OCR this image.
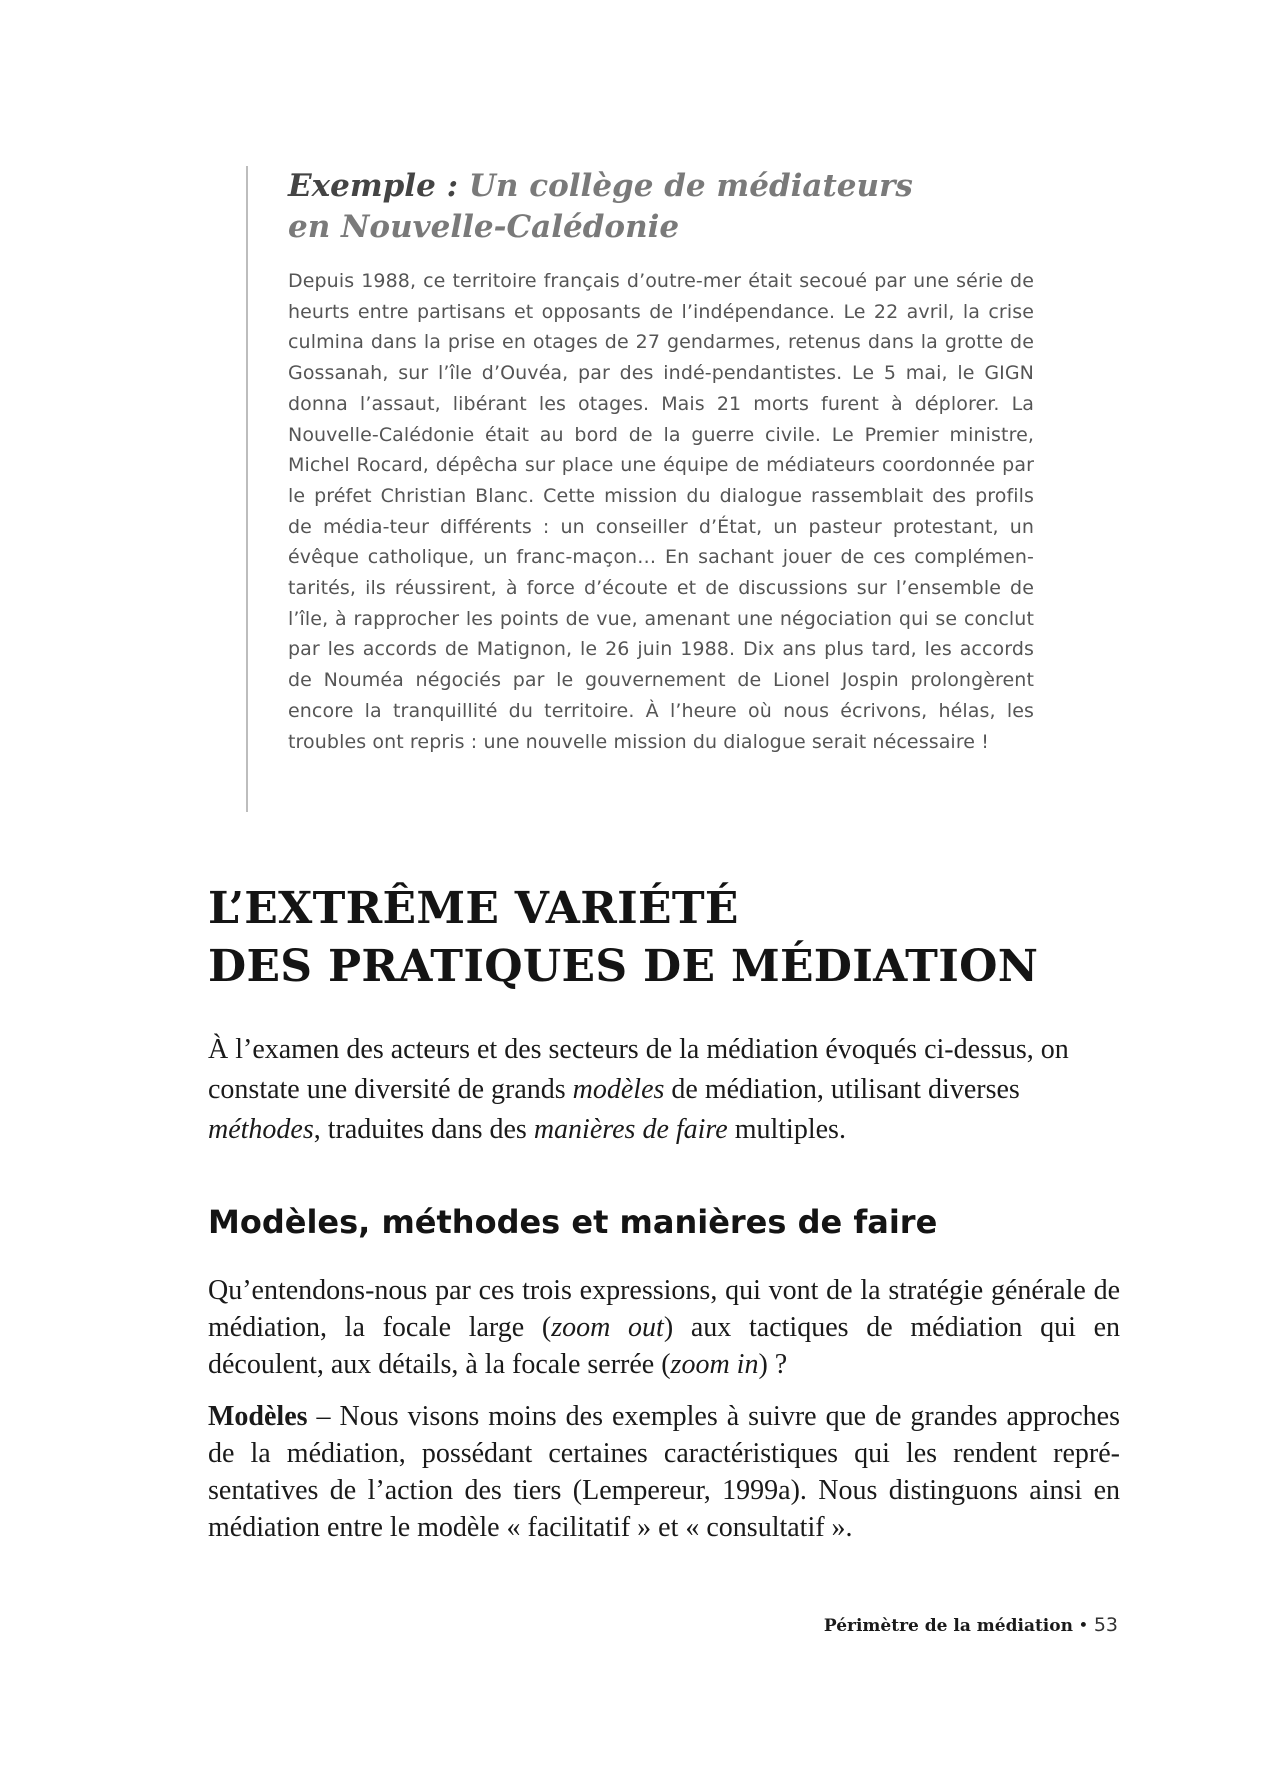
Exemple : Un collège de médiateurs
en Nouvelle-Calédonie

Depuis 1988, ce territoire français d’outre-mer était secoué par une série de heurts entre partisans et opposants de l’indépendance. Le 22 avril, la crise culmina dans la prise en otages de 27 gendarmes, retenus dans la grotte de Gossanah, sur l’île d’Ouvéa, par des indé-pendantistes. Le 5 mai, le GIGN donna l’assaut, libérant les otages. Mais 21 morts furent à déplorer. La Nouvelle-Calédonie était au bord de la guerre civile. Le Premier ministre, Michel Rocard, dépêcha sur place une équipe de médiateurs coordonnée par le préfet Christian Blanc. Cette mission du dialogue rassemblait des profils de média-teur différents : un conseiller d’État, un pasteur protestant, un évêque catholique, un franc-maçon… En sachant jouer de ces complémen-tarités, ils réussirent, à force d’écoute et de discussions sur l’ensemble de l’île, à rapprocher les points de vue, amenant une négociation qui se conclut par les accords de Matignon, le 26 juin 1988. Dix ans plus tard, les accords de Nouméa négociés par le gouvernement de Lionel Jospin prolongèrent encore la tranquillité du territoire. À l’heure où nous écrivons, hélas, les troubles ont repris : une nouvelle mission du dialogue serait nécessaire !

L’EXTRÊME VARIÉTÉ
DES PRATIQUES DE MÉDIATION

À l’examen des acteurs et des secteurs de la médiation évoqués ci-dessus, on constate une diversité de grands modèles de médiation, utilisant diverses méthodes, traduites dans des manières de faire multiples.

Modèles, méthodes et manières de faire

Qu’entendons-nous par ces trois expressions, qui vont de la stratégie générale de médiation, la focale large (zoom out) aux tactiques de médiation qui en découlent, aux détails, à la focale serrée (zoom in) ?

Modèles – Nous visons moins des exemples à suivre que de grandes approches de la médiation, possédant certaines caractéristiques qui les rendent repré-sentatives de l’action des tiers (Lempereur, 1999a). Nous distinguons ainsi en médiation entre le modèle « facilitatif » et « consultatif ».

Périmètre de la médiation • 53
